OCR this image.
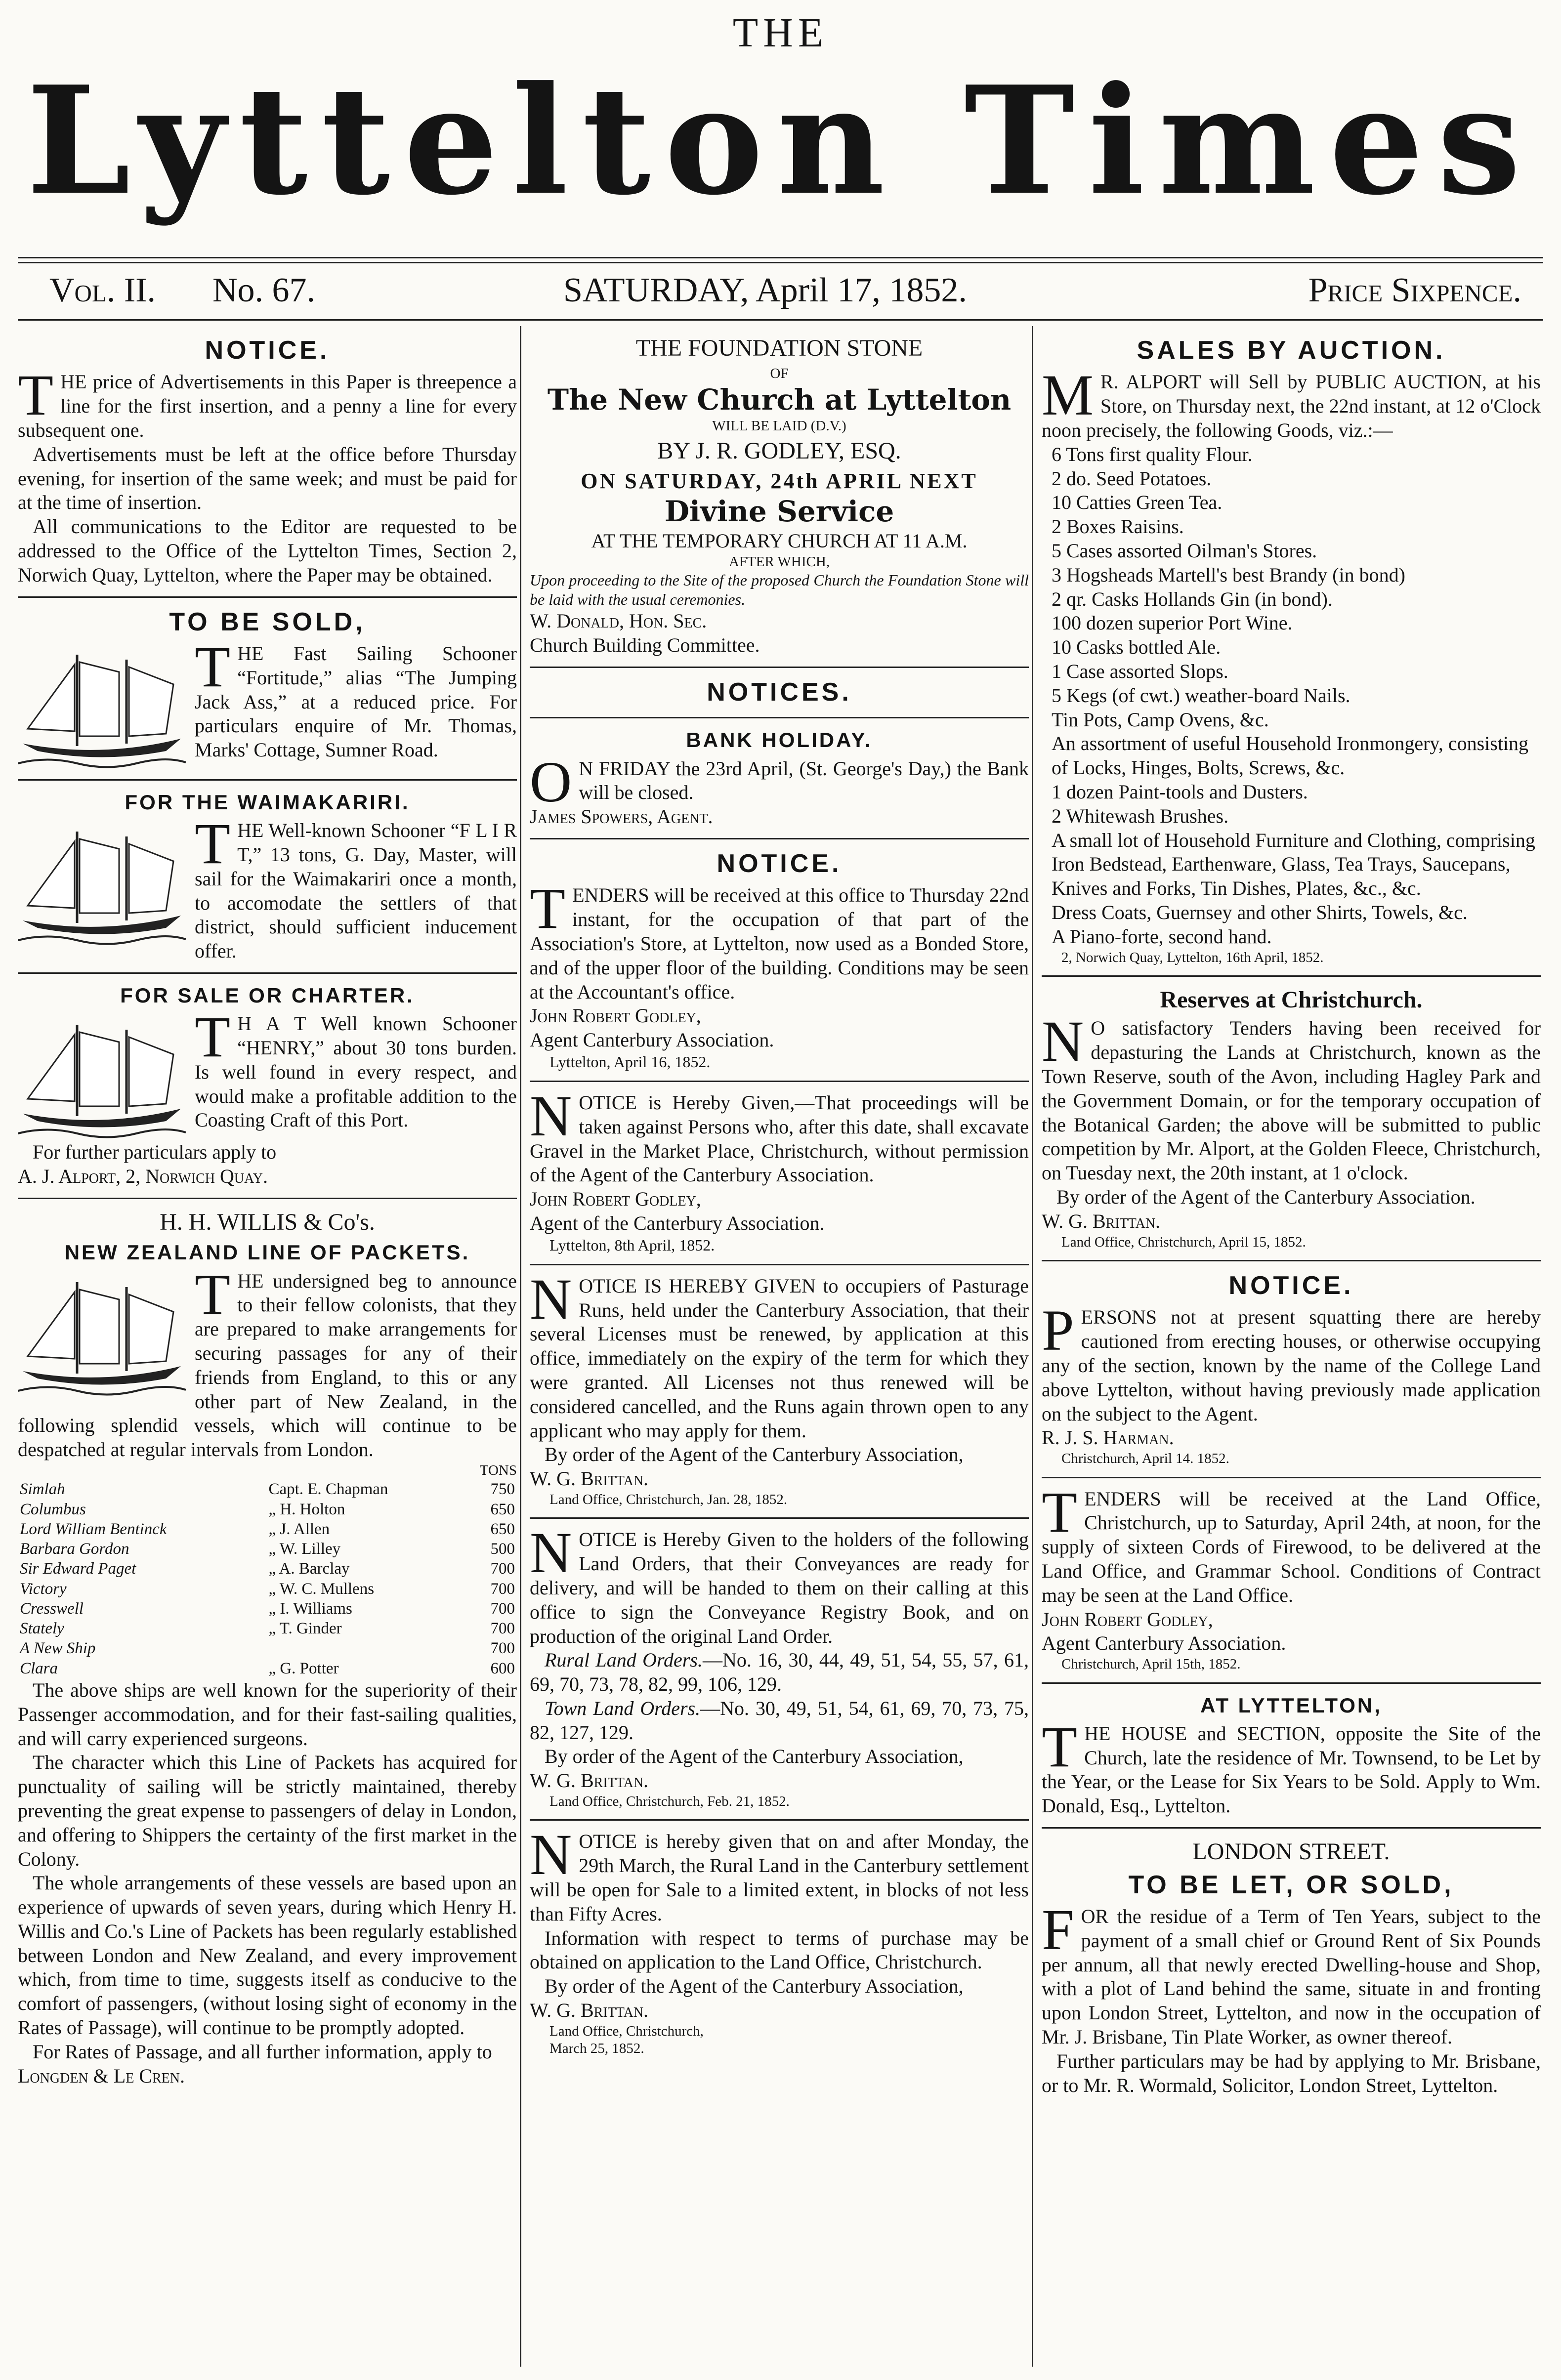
THE
Lyttelton Times
Vol. II. No. 67.	SATURDAY, April 17, 1852.	Price Sixpence.
NOTICE.

THE price of Advertisements in this Paper is threepence a line for the first insertion, and a penny a line for every subsequent one.

Advertisements must be left at the office before Thursday evening, for insertion of the same week; and must be paid for at the time of insertion.

All communications to the Editor are requested to be addressed to the Office of the Lyttelton Times, Section 2, Norwich Quay, Lyttelton, where the Paper may be obtained.

TO BE SOLD,

THE Fast Sailing Schooner “Fortitude,” alias “The Jumping Jack Ass,” at a reduced price. For particulars enquire of Mr. Thomas, Marks' Cottage, Sumner Road.

FOR THE WAIMAKARIRI.

THE Well-known Schooner “F L I R T,” 13 tons, G. Day, Master, will sail for the Waimakariri once a month, to accomodate the settlers of that district, should sufficient inducement offer.

FOR SALE OR CHARTER.

T H A T Well known Schooner “HENRY,” about 30 tons burden. Is well found in every respect, and would make a profitable addition to the Coasting Craft of this Port.

For further particulars apply to

A. J. Alport, 2, Norwich Quay.

H. H. WILLIS & Co's.
NEW ZEALAND LINE OF PACKETS.

THE undersigned beg to announce to their fellow colonists, that they are prepared to make arrangements for securing passages for any of their friends from England, to this or any other part of New Zealand, in the following splendid vessels, which will continue to be despatched at regular intervals from London.

TONS
Simlah	Capt. E. Chapman	750
Columbus	„ H. Holton	650
Lord William Bentinck	„ J. Allen	650
Barbara Gordon	„ W. Lilley	500
Sir Edward Paget	„ A. Barclay	700
Victory	„ W. C. Mullens	700
Cresswell	„ I. Williams	700
Stately	„ T. Ginder	700
A New Ship		700
Clara	„ G. Potter	600

The above ships are well known for the superiority of their Passenger accommodation, and for their fast-sailing qualities, and will carry experienced surgeons.

The character which this Line of Packets has acquired for punctuality of sailing will be strictly maintained, thereby preventing the great expense to passengers of delay in London, and offering to Shippers the certainty of the first market in the Colony.

The whole arrangements of these vessels are based upon an experience of upwards of seven years, during which Henry H. Willis and Co.'s Line of Packets has been regularly established between London and New Zealand, and every improvement which, from time to time, suggests itself as conducive to the comfort of passengers, (without losing sight of economy in the Rates of Passage), will continue to be promptly adopted.

For Rates of Passage, and all further information, apply to

Longden & Le Cren.

THE FOUNDATION STONE
OF
The New Church at Lyttelton
WILL BE LAID (D.V.)
BY J. R. GODLEY, ESQ.
ON SATURDAY, 24th APRIL NEXT
Divine Service
AT THE TEMPORARY CHURCH AT 11 A.M.
AFTER WHICH,

Upon proceeding to the Site of the proposed Church the Foundation Stone will be laid with the usual ceremonies.

W. Donald, Hon. Sec.

Church Building Committee.

NOTICES.
BANK HOLIDAY.

O N FRIDAY the 23rd April, (St. George's Day,) the Bank will be closed.

James Spowers, Agent.

NOTICE.

TENDERS will be received at this office to Thursday 22nd instant, for the occupation of that part of the Association's Store, at Lyttelton, now used as a Bonded Store, and of the upper floor of the building. Conditions may be seen at the Accountant's office.

John Robert Godley,

Agent Canterbury Association.

Lyttelton, April 16, 1852.

NOTICE is Hereby Given,—That proceedings will be taken against Persons who, after this date, shall excavate Gravel in the Market Place, Christchurch, without permission of the Agent of the Canterbury Association.

John Robert Godley,

Agent of the Canterbury Association.

Lyttelton, 8th April, 1852.

NOTICE IS HEREBY GIVEN to occupiers of Pasturage Runs, held under the Canterbury Association, that their several Licenses must be renewed, by application at this office, immediately on the expiry of the term for which they were granted. All Licenses not thus renewed will be considered cancelled, and the Runs again thrown open to any applicant who may apply for them.

By order of the Agent of the Canterbury Association,

W. G. Brittan.

Land Office, Christchurch, Jan. 28, 1852.

NOTICE is Hereby Given to the holders of the following Land Orders, that their Conveyances are ready for delivery, and will be handed to them on their calling at this office to sign the Conveyance Registry Book, and on production of the original Land Order.

Rural Land Orders.—No. 16, 30, 44, 49, 51, 54, 55, 57, 61, 69, 70, 73, 78, 82, 99, 106, 129.

Town Land Orders.—No. 30, 49, 51, 54, 61, 69, 70, 73, 75, 82, 127, 129.

By order of the Agent of the Canterbury Association,

W. G. Brittan.

Land Office, Christchurch, Feb. 21, 1852.

NOTICE is hereby given that on and after Monday, the 29th March, the Rural Land in the Canterbury settlement will be open for Sale to a limited extent, in blocks of not less than Fifty Acres.

Information with respect to terms of purchase may be obtained on application to the Land Office, Christchurch.

By order of the Agent of the Canterbury Association,

W. G. Brittan.

Land Office, Christchurch,

March 25, 1852.

SALES BY AUCTION.

M R. ALPORT will Sell by PUBLIC AUCTION, at his Store, on Thursday next, the 22nd instant, at 12 o'Clock noon precisely, the following Goods, viz.:—

6 Tons first quality Flour.
2 do. Seed Potatoes.
10 Catties Green Tea.
2 Boxes Raisins.
5 Cases assorted Oilman's Stores.
3 Hogsheads Martell's best Brandy (in bond)
2 qr. Casks Hollands Gin (in bond).
100 dozen superior Port Wine.
10 Casks bottled Ale.
1 Case assorted Slops.
5 Kegs (of cwt.) weather-board Nails.
Tin Pots, Camp Ovens, &c.
An assortment of useful Household Ironmongery, consisting of Locks, Hinges, Bolts, Screws, &c.
1 dozen Paint-tools and Dusters.
2 Whitewash Brushes.
A small lot of Household Furniture and Clothing, comprising Iron Bedstead, Earthenware, Glass, Tea Trays, Saucepans, Knives and Forks, Tin Dishes, Plates, &c., &c.
Dress Coats, Guernsey and other Shirts, Towels, &c.
A Piano-forte, second hand.

2, Norwich Quay, Lyttelton, 16th April, 1852.

Reserves at Christchurch.

N O satisfactory Tenders having been received for depasturing the Lands at Christchurch, known as the Town Reserve, south of the Avon, including Hagley Park and the Government Domain, or for the temporary occupation of the Botanical Garden; the above will be submitted to public competition by Mr. Alport, at the Golden Fleece, Christchurch, on Tuesday next, the 20th instant, at 1 o'clock.

By order of the Agent of the Canterbury Association.

W. G. Brittan.

Land Office, Christchurch, April 15, 1852.

NOTICE.

PERSONS not at present squatting there are hereby cautioned from erecting houses, or otherwise occupying any of the section, known by the name of the College Land above Lyttelton, without having previously made application on the subject to the Agent.

R. J. S. Harman.

Christchurch, April 14. 1852.

TENDERS will be received at the Land Office, Christchurch, up to Saturday, April 24th, at noon, for the supply of sixteen Cords of Firewood, to be delivered at the Land Office, and Grammar School. Conditions of Contract may be seen at the Land Office.

John Robert Godley,

Agent Canterbury Association.

Christchurch, April 15th, 1852.

AT LYTTELTON,

THE HOUSE and SECTION, opposite the Site of the Church, late the residence of Mr. Townsend, to be Let by the Year, or the Lease for Six Years to be Sold. Apply to Wm. Donald, Esq., Lyttelton.

LONDON STREET.
TO BE LET, OR SOLD,

FOR the residue of a Term of Ten Years, subject to the payment of a small chief or Ground Rent of Six Pounds per annum, all that newly erected Dwelling-house and Shop, with a plot of Land behind the same, situate in and fronting upon London Street, Lyttelton, and now in the occupation of Mr. J. Brisbane, Tin Plate Worker, as owner thereof.

Further particulars may be had by applying to Mr. Brisbane, or to Mr. R. Wormald, Solicitor, London Street, Lyttelton.
